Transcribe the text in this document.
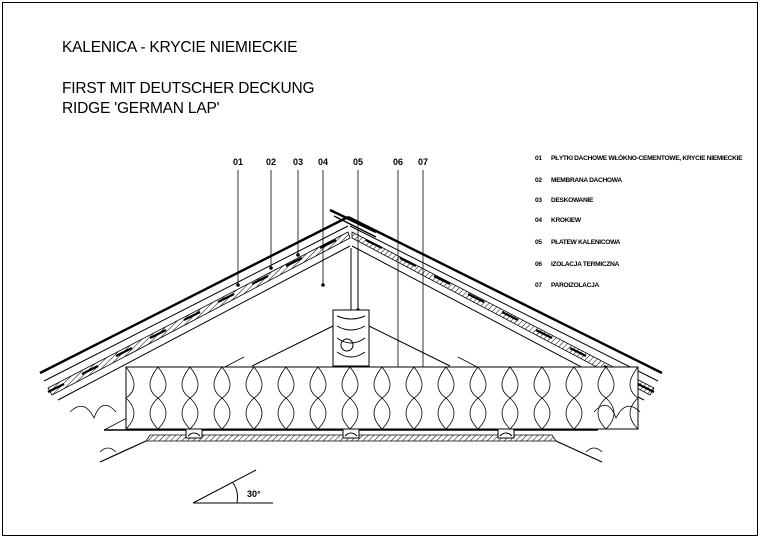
KALENICA - KRYCIE NIEMIECKIE
FIRST MIT DEUTSCHER DECKUNG
RIDGE 'GERMAN LAP'
01	02 03 04	05	06 07
30°
01 PŁYTKI DACHOWE WŁÓKNO-CEMENTOWE, KRYCIE NIEMIECKIE
02 MEMBRANA DACHOWA
03 DESKOWANIE
04 KROKIEW
05 PŁATEW KALENICOWA
06 IZOLACJA TERMICZNA
07 PAROIZOLACJA
